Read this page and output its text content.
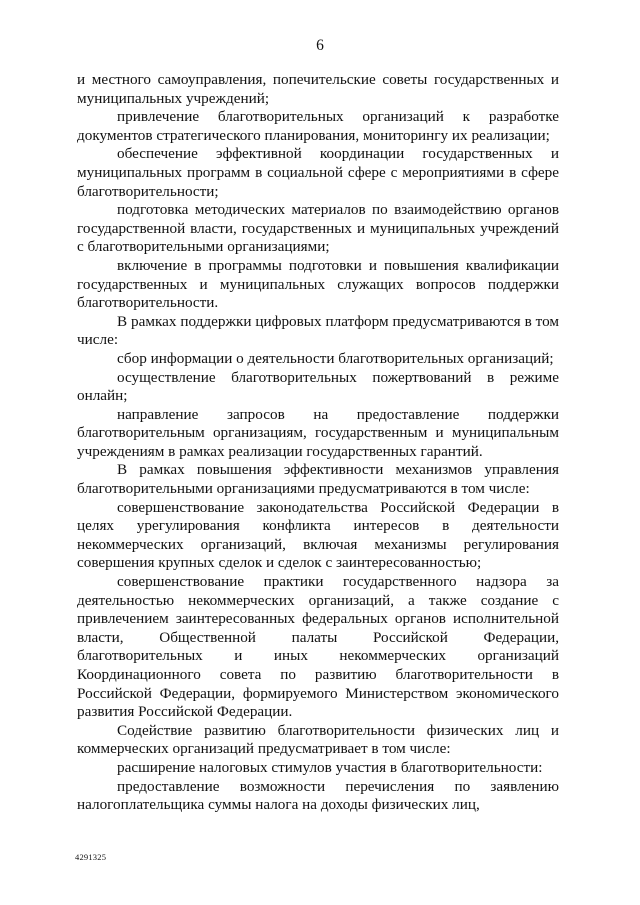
6

и местного самоуправления, попечительские советы государственных и муниципальных учреждений;

привлечение благотворительных организаций к разработке документов стратегического планирования, мониторингу их реализации;

обеспечение эффективной координации государственных и муниципальных программ в социальной сфере с мероприятиями в сфере благотворительности;

подготовка методических материалов по взаимодействию органов государственной власти, государственных и муниципальных учреждений с благотворительными организациями;

включение в программы подготовки и повышения квалификации государственных и муниципальных служащих вопросов поддержки благотворительности.

В рамках поддержки цифровых платформ предусматриваются в том числе:

сбор информации о деятельности благотворительных организаций;

осуществление благотворительных пожертвований в режиме онлайн;

направление запросов на предоставление поддержки благотворительным организациям, государственным и муниципальным учреждениям в рамках реализации государственных гарантий.

В рамках повышения эффективности механизмов управления благотворительными организациями предусматриваются в том числе:

совершенствование законодательства Российской Федерации в целях урегулирования конфликта интересов в деятельности некоммерческих организаций, включая механизмы регулирования совершения крупных сделок и сделок с заинтересованностью;

совершенствование практики государственного надзора за деятельностью некоммерческих организаций, а также создание с привлечением заинтересованных федеральных органов исполнительной власти, Общественной палаты Российской Федерации, благотворительных и иных некоммерческих организаций Координационного совета по развитию благотворительности в Российской Федерации, формируемого Министерством экономического развития Российской Федерации.

Содействие развитию благотворительности физических лиц и коммерческих организаций предусматривает в том числе:

расширение налоговых стимулов участия в благотворительности:

предоставление возможности перечисления по заявлению налогоплательщика суммы налога на доходы физических лиц,

4291325
